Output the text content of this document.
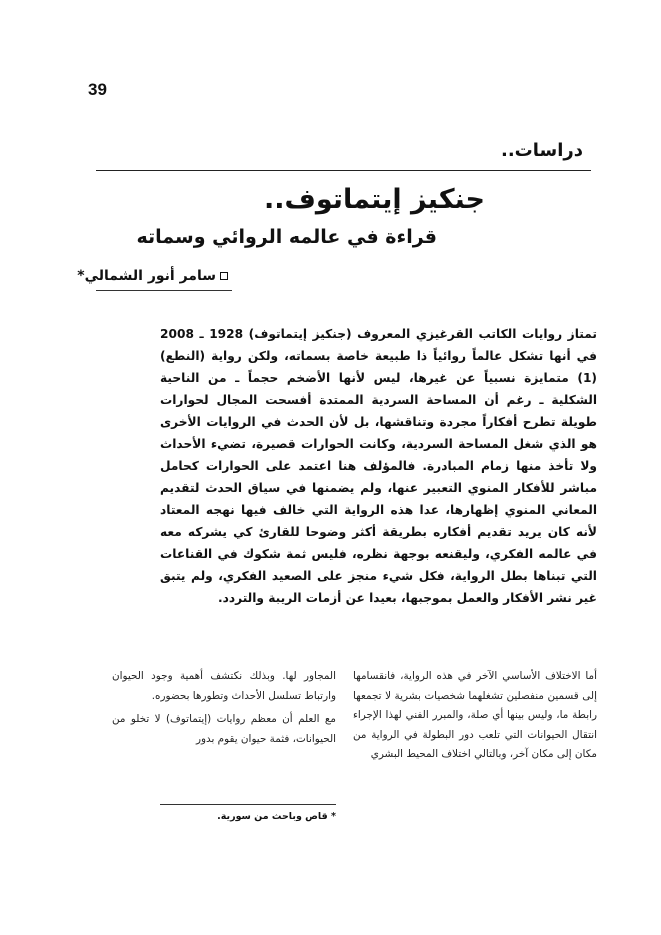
39
دراسات..
جنكيز إيتماتوف..
قراءة في عالمه الروائي وسماته
سامر أنور الشمالي*

تمتاز روايات الكاتب القرغيزي المعروف (جنكيز إيتماتوف) 1928 ـ 2008 في أنها تشكل عالماً روائياً ذا طبيعة خاصة بسماته، ولكن رواية (النطع)(1) متمايزة نسبياً عن غيرها، ليس لأنها الأضخم حجماً ـ من الناحية الشكلية ـ رغم أن المساحة السردية الممتدة أفسحت المجال لحوارات طويلة تطرح أفكاراً مجردة وتناقشها، بل لأن الحدث في الروايات الأخرى هو الذي شغل المساحة السردية، وكانت الحوارات قصيرة، تضيء الأحداث ولا تأخذ منها زمام المبادرة. فالمؤلف هنا اعتمد على الحوارات كحامل مباشر للأفكار المنوي التعبير عنها، ولم يضمنها في سياق الحدث لتقديم المعاني المنوي إظهارها، عدا هذه الرواية التي خالف فيها نهجه المعتاد لأنه كان يريد تقديم أفكاره بطريقة أكثر وضوحا للقارئ كي يشركه معه في عالمه الفكري، وليقنعه بوجهة نظره، فليس ثمة شكوك في القناعات التي تبناها بطل الرواية، فكل شيء منجز على الصعيد الفكري، ولم يتبق غير نشر الأفكار والعمل بموجبها، بعيدا عن أزمات الريبة والتردد.

أما الاختلاف الأساسي الآخر في هذه الرواية، فانقسامها إلى قسمين منفصلين تشغلهما شخصيات بشرية لا تجمعها رابطة ما، وليس بينها أي صلة، والمبرر الفني لهذا الإجراء انتقال الحيوانات التي تلعب دور البطولة في الرواية من مكان إلى مكان آخر، وبالتالي اختلاف المحيط البشري

المجاور لها. وبذلك نكتشف أهمية وجود الحيوان وارتباط تسلسل الأحداث وتطورها بحضوره.

مع العلم أن معظم روايات (إيتماتوف) لا تخلو من الحيوانات، فثمة حيوان يقوم بدور

* قاص وباحث من سورية.
